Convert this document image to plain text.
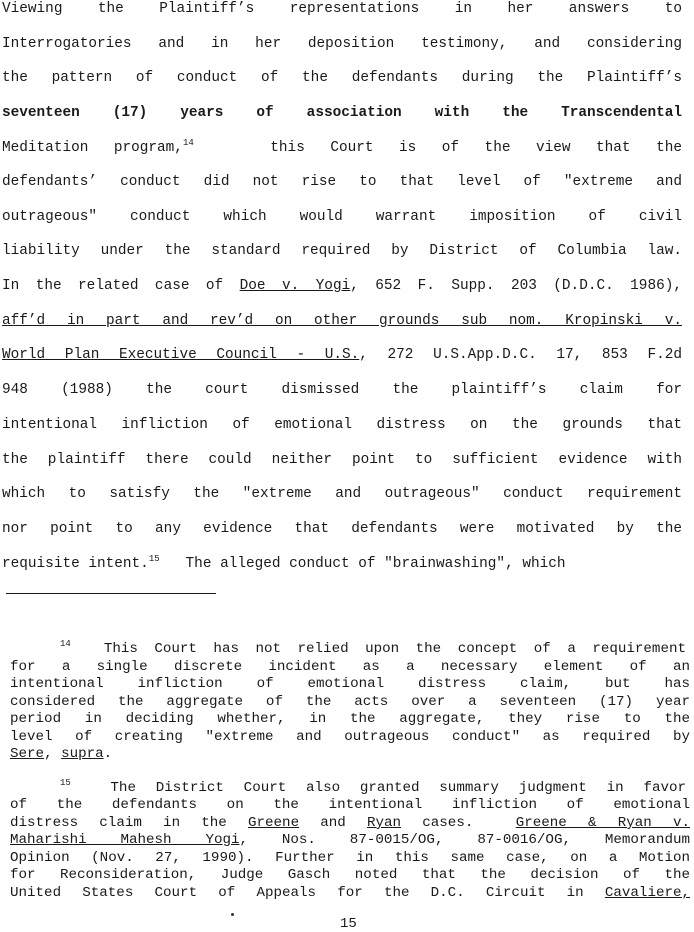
Viewing the Plaintiff’s representations in her answers to
Interrogatories and in her deposition testimony, and considering
the pattern of conduct of the defendants during the Plaintiff’s
seventeen (17) years of association with the Transcendental
Meditation program,$^{14}$	this Court is of the view that the
defendants’ conduct did not rise to that level of "extreme and
outrageous" conduct which would warrant imposition of civil
liability under the standard required by District of Columbia law.
In the related case of Doe v. Yogi, 652 F. Supp. 203 (D.D.C. 1986),
aff’d in part and rev’d on other grounds sub nom. Kropinski v.
World Plan Executive Council - U.S., 272 U.S.App.D.C. 17, 853 F.2d
948 (1988) the court dismissed the plaintiff’s claim for
intentional infliction of emotional distress on the grounds that
the plaintiff there could neither point to sufficient evidence with
which to satisfy the "extreme and outrageous" conduct requirement
nor point to any evidence that defendants were motivated by the
requisite intent.$^{15}$ The alleged conduct of "brainwashing", which
$^{14}$ This Court has not relied upon the concept of a requirement
for a single discrete incident as a necessary element of an
intentional infliction of emotional distress claim, but has
considered the aggregate of the acts over a seventeen (17) year
period in deciding whether, in the aggregate, they rise to the
level of creating "extreme and outrageous conduct" as required by
Sere, supra.
$^{15}$	The District Court also granted summary judgment in favor
of the defendants on the intentional infliction of emotional
distress claim in the Greene and Ryan cases.	Greene & Ryan v.
Maharishi Mahesh Yogi, Nos. 87-0015/OG, 87-0016/OG, Memorandum
Opinion (Nov. 27, 1990). Further in this same case, on a Motion
for Reconsideration, Judge Gasch noted that the decision of the
United States Court of Appeals for the D.C. Circuit in Cavaliere,
15
